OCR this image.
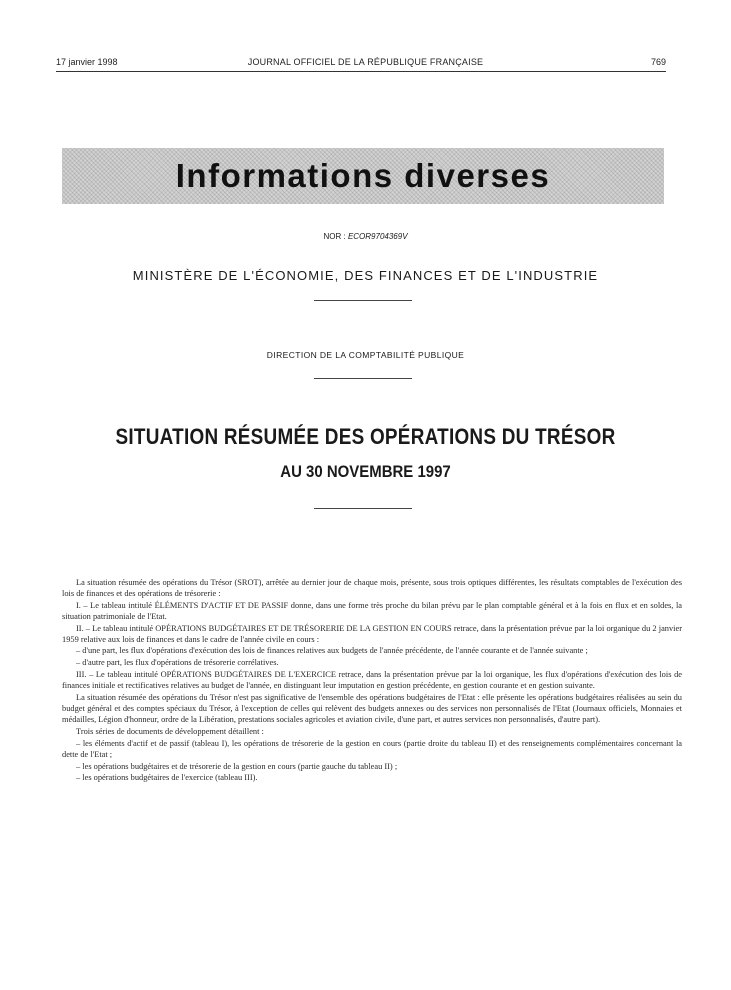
17 janvier 1998	JOURNAL OFFICIEL DE LA RÉPUBLIQUE FRANÇAISE	769
Informations diverses
NOR : ECOR9704369V
MINISTÈRE DE L'ÉCONOMIE, DES FINANCES ET DE L'INDUSTRIE
DIRECTION DE LA COMPTABILITÉ PUBLIQUE
SITUATION RÉSUMÉE DES OPÉRATIONS DU TRÉSOR
AU 30 NOVEMBRE 1997

La situation résumée des opérations du Trésor (SROT), arrêtée au dernier jour de chaque mois, présente, sous trois optiques différentes, les résultats comptables de l'exécution des lois de finances et des opérations de trésorerie :

I. – Le tableau intitulé ÉLÉMENTS D'ACTIF ET DE PASSIF donne, dans une forme très proche du bilan prévu par le plan comptable général et à la fois en flux et en soldes, la situation patrimoniale de l'Etat.

II. – Le tableau intitulé OPÉRATIONS BUDGÉTAIRES ET DE TRÉSORERIE DE LA GESTION EN COURS retrace, dans la présentation prévue par la loi organique du 2 janvier 1959 relative aux lois de finances et dans le cadre de l'année civile en cours :

– d'une part, les flux d'opérations d'exécution des lois de finances relatives aux budgets de l'année précédente, de l'année courante et de l'année suivante ;

– d'autre part, les flux d'opérations de trésorerie corrélatives.

III. – Le tableau intitulé OPÉRATIONS BUDGÉTAIRES DE L'EXERCICE retrace, dans la présentation prévue par la loi organique, les flux d'opérations d'exécution des lois de finances initiale et rectificatives relatives au budget de l'année, en distinguant leur imputation en gestion précédente, en gestion courante et en gestion suivante.

La situation résumée des opérations du Trésor n'est pas significative de l'ensemble des opérations budgétaires de l'Etat : elle présente les opérations budgétaires réalisées au sein du budget général et des comptes spéciaux du Trésor, à l'exception de celles qui relèvent des budgets annexes ou des services non personnalisés de l'Etat (Journaux officiels, Monnaies et médailles, Légion d'honneur, ordre de la Libération, prestations sociales agricoles et aviation civile, d'une part, et autres services non personnalisés, d'autre part).

Trois séries de documents de développement détaillent :

– les éléments d'actif et de passif (tableau I), les opérations de trésorerie de la gestion en cours (partie droite du tableau II) et des renseignements complémentaires concernant la dette de l'Etat ;

– les opérations budgétaires et de trésorerie de la gestion en cours (partie gauche du tableau II) ;

– les opérations budgétaires de l'exercice (tableau III).
